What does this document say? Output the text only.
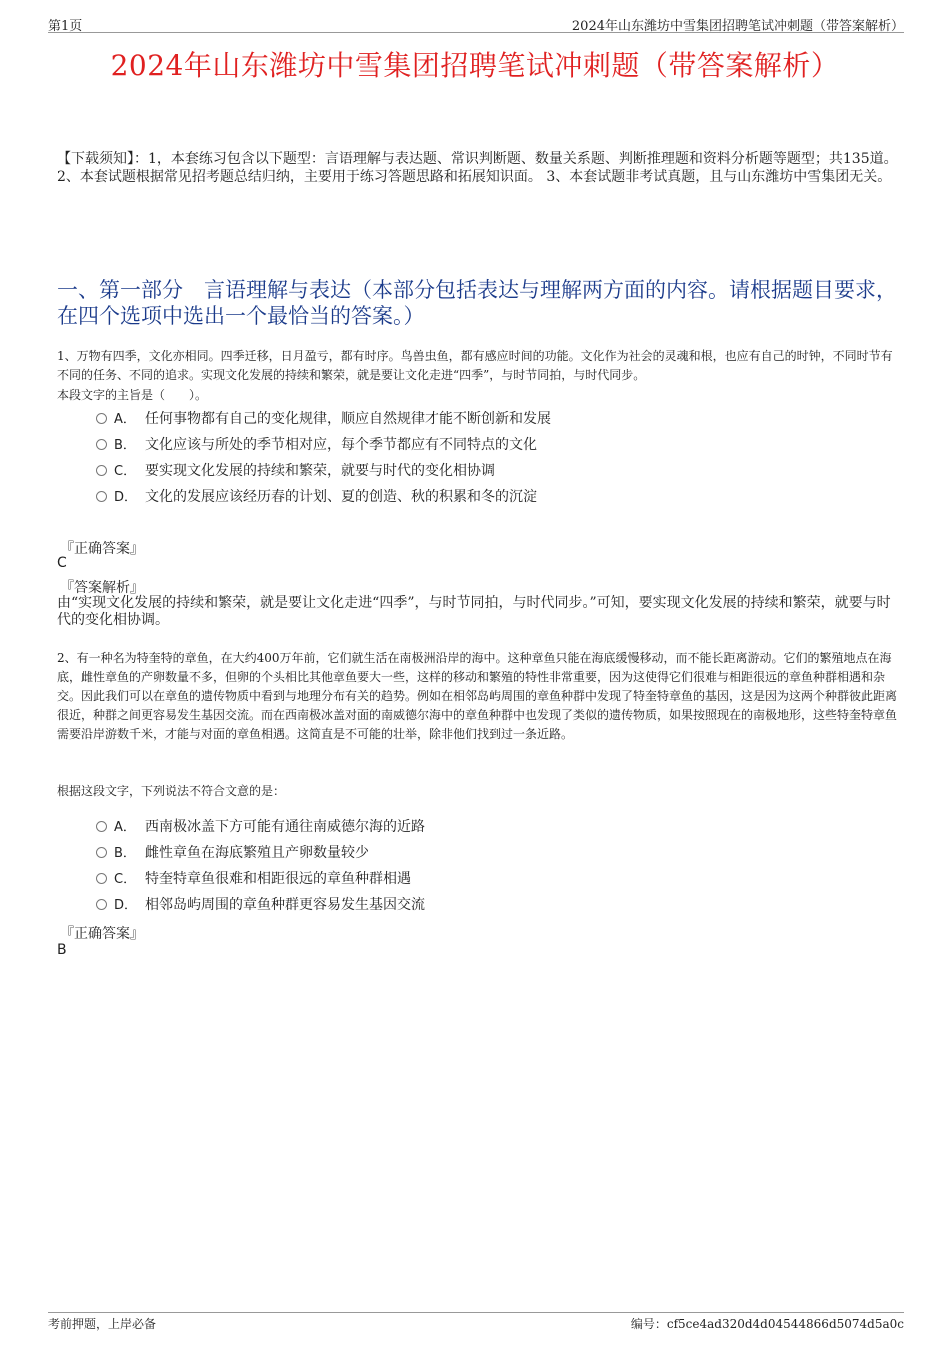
第1页	2024年山东潍坊中雪集团招聘笔试冲刺题（带答案解析）
2024年山东潍坊中雪集团招聘笔试冲刺题（带答案解析）
【下载须知】：1，本套练习包含以下题型：言语理解与表达题、常识判断题、数量关系题、判断推理题和资料分析题等题型；共135道。 2、本套试题根据常见招考题总结归纳，主要用于练习答题思路和拓展知识面。 3、本套试题非考试真题，且与山东潍坊中雪集团无关。
一、第一部分　言语理解与表达（本部分包括表达与理解两方面的内容。请根据题目要求，在四个选项中选出一个最恰当的答案。）
1、万物有四季，文化亦相同。四季迁移，日月盈亏，都有时序。鸟兽虫鱼，都有感应时间的功能。文化作为社会的灵魂和根，也应有自己的时钟，不同时节有不同的任务、不同的追求。实现文化发展的持续和繁荣，就是要让文化走进“四季”，与时节同拍，与时代同步。
本段文字的主旨是（　　）。
A． 任何事物都有自己的变化规律，顺应自然规律才能不断创新和发展
B． 文化应该与所处的季节相对应，每个季节都应有不同特点的文化
C． 要实现文化发展的持续和繁荣，就要与时代的变化相协调
D． 文化的发展应该经历春的计划、夏的创造、秋的积累和冬的沉淀
『正确答案』
C
『答案解析』
由“实现文化发展的持续和繁荣，就是要让文化走进“四季”，与时节同拍，与时代同步。”可知，要实现文化发展的持续和繁荣，就要与时代的变化相协调。
2、有一种名为特奎特的章鱼，在大约400万年前，它们就生活在南极洲沿岸的海中。这种章鱼只能在海底缓慢移动，而不能长距离游动。它们的繁殖地点在海底，雌性章鱼的产卵数量不多，但卵的个头相比其他章鱼要大一些，这样的移动和繁殖的特性非常重要，因为这使得它们很难与相距很远的章鱼种群相遇和杂交。因此我们可以在章鱼的遗传物质中看到与地理分布有关的趋势。例如在相邻岛屿周围的章鱼种群中发现了特奎特章鱼的基因，这是因为这两个种群彼此距离很近，种群之间更容易发生基因交流。而在西南极冰盖对面的南威德尔海中的章鱼种群中也发现了类似的遗传物质，如果按照现在的南极地形，这些特奎特章鱼需要沿岸游数千米，才能与对面的章鱼相遇。这简直是不可能的壮举，除非他们找到过一条近路。
根据这段文字，下列说法不符合文意的是：
A． 西南极冰盖下方可能有通往南威德尔海的近路
B． 雌性章鱼在海底繁殖且产卵数量较少
C． 特奎特章鱼很难和相距很远的章鱼种群相遇
D． 相邻岛屿周围的章鱼种群更容易发生基因交流
『正确答案』
B
考前押题，上岸必备	编号：cf5ce4ad320d4d04544866d5074d5a0c
